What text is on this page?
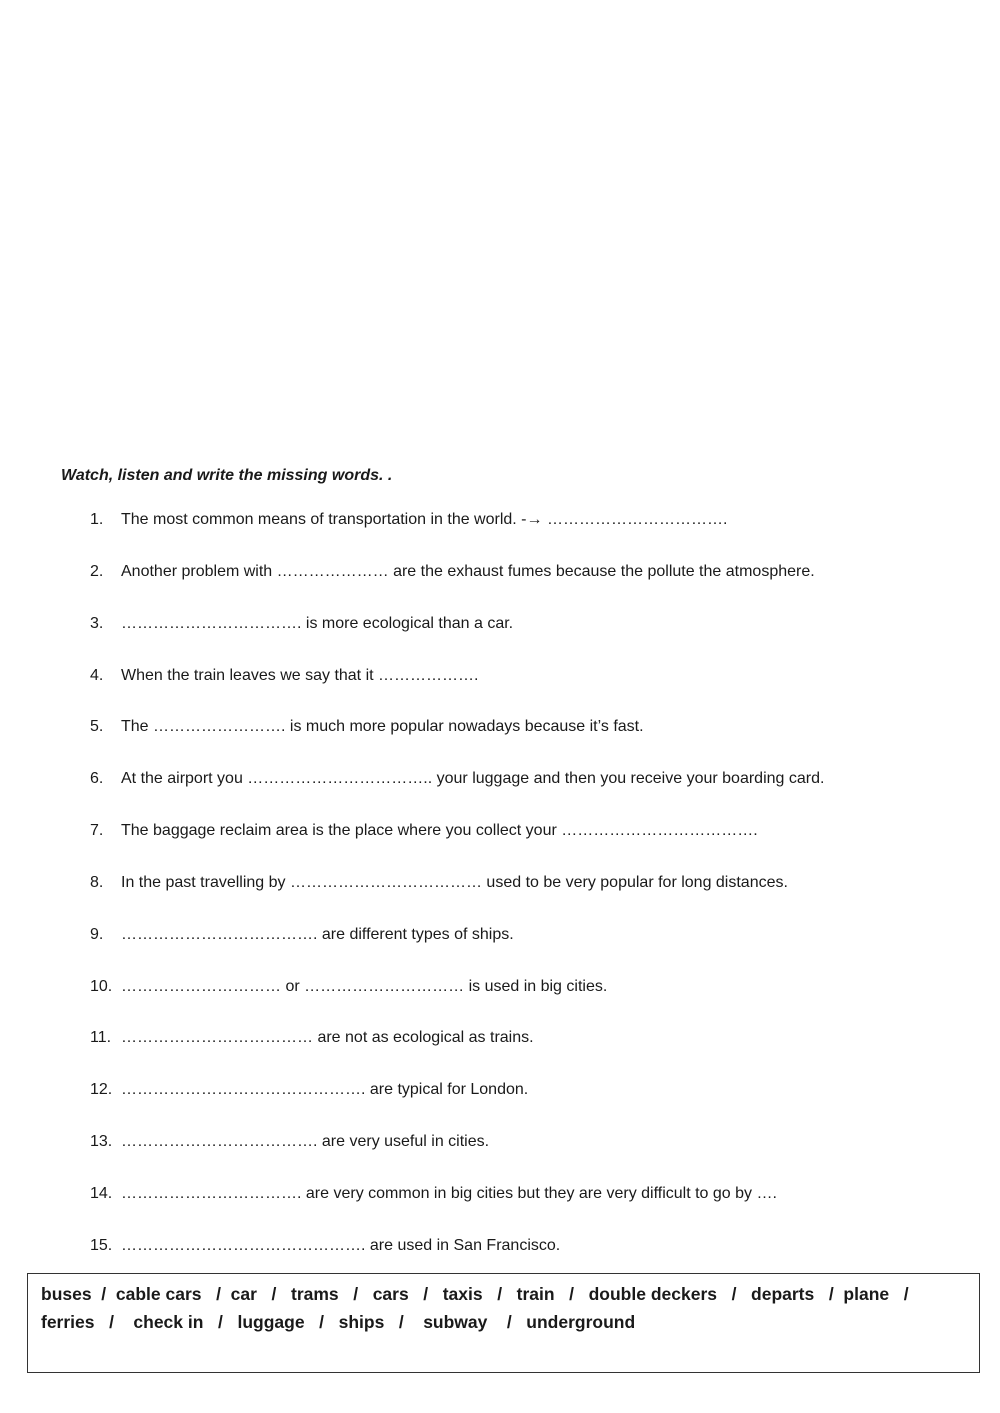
Watch, listen and write the missing words. .
1. The most common means of transportation in the world. -→ …………………………….
2. Another problem with ………………… are the exhaust fumes because the pollute the atmosphere.
3. ……………………………. is more ecological than a car.
4. When the train leaves we say that it ……………….
5. The ……………………. is much more popular nowadays because it’s fast.
6. At the airport you …………………………….. your luggage and then you receive your boarding card.
7. The baggage reclaim area is the place where you collect your ……………………………….
8. In the past travelling by ……………………………… used to be very popular for long distances.
9. ………………………………. are different types of ships.
10. ………………………… or ………………………… is used in big cities.
11. ……………………………… are not as ecological as trains.
12. ………………………………………. are typical for London.
13. ………………………………. are very useful in cities.
14. ……………………………. are very common in big cities but they are very difficult to go by ….
15. ………………………………………. are used in San Francisco.
buses  /  cable cars   /  car   /   trams   /   cars   /   taxis   /   train   /   double deckers   /   departs   /  plane   /
ferries   /    check in   /   luggage   /   ships   /    subway    /   underground
